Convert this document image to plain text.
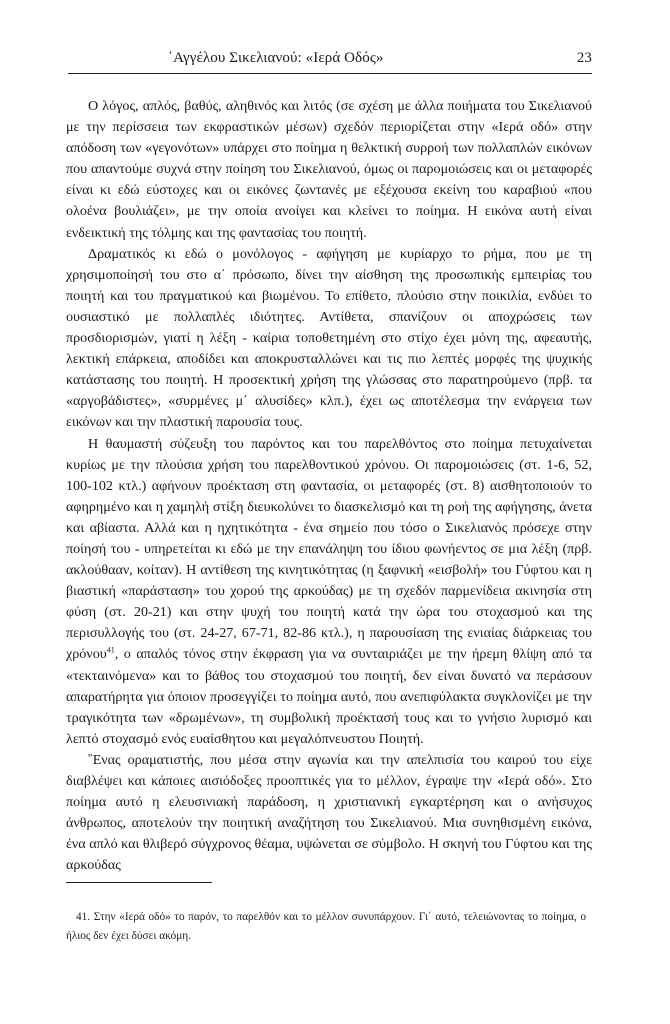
῾Αγγέλου Σικελιανού: «Ιερά Οδός»	23

Ο λόγος, απλός, βαθύς, αληθινός και λιτός (σε σχέση με άλλα ποιήματα του Σικελιανού με την περίσσεια των εκφραστικών μέσων) σχεδόν περιορίζεται στην «Ιερά οδό» στην απόδοση των «γεγονότων» υπάρχει στο ποίημα η θελκτική συρροή των πολλαπλών εικόνων που απαντούμε συχνά στην ποίηση του Σικελιανού, όμως οι παρομοιώσεις και οι μεταφορές είναι κι εδώ εύστοχες και οι εικόνες ζωντανές με εξέχουσα εκείνη του καραβιού «που ολοένα βουλιάζει», με την οποία ανοίγει και κλείνει το ποίημα. Η εικόνα αυτή είναι ενδεικτική της τόλμης και της φαντασίας του ποιητή.

Δραματικός κι εδώ ο μονόλογος - αφήγηση με κυρίαρχο το ρήμα, που με τη χρησιμοποίησή του στο α΄ πρόσωπο, δίνει την αίσθηση της προσωπικής εμπειρίας του ποιητή και του πραγματικού και βιωμένου. Το επίθετο, πλούσιο στην ποικιλία, ενδύει το ουσιαστικό με πολλαπλές ιδιότητες. Αντίθετα, σπανίζουν οι αποχρώσεις των προσδιορισμών, γιατί η λέξη - καίρια τοποθετημένη στο στίχο έχει μόνη της, αφεαυτής, λεκτική επάρκεια, αποδίδει και αποκρυσταλλώνει και τις πιο λεπτές μορφές της ψυχικής κατάστασης του ποιητή. Η προσεκτική χρήση της γλώσσας στο παρατηρούμενο (πρβ. τα «αργοβάδιστες», «συρμένες μ΄ αλυσίδες» κλπ.), έχει ως αποτέλεσμα την ενάργεια των εικόνων και την πλαστική παρουσία τους.

Η θαυμαστή σύζευξη του παρόντος και του παρελθόντος στο ποίημα πετυχαίνεται κυρίως με την πλούσια χρήση του παρελθοντικού χρόνου. Οι παρομοιώσεις (στ. 1-6, 52, 100-102 κτλ.) αφήνουν προέκταση στη φαντασία, οι μεταφορές (στ. 8) αισθητοποιούν το αφηρημένο και η χαμηλή στίξη διευκολύνει το διασκελισμό και τη ροή της αφήγησης, άνετα και αβίαστα. Αλλά και η ηχητικότητα - ένα σημείο που τόσο ο Σικελιανός πρόσεχε στην ποίησή του - υπηρετείται κι εδώ με την επανάληψη του ίδιου φωνήεντος σε μια λέξη (πρβ. ακλούθααν, κοίταν). Η αντίθεση της κινητικότητας (η ξαφνική «εισβολή» του Γύφτου και η βιαστική «παράσταση» του χορού της αρκούδας) με τη σχεδόν παρμενίδεια ακινησία στη φύση (στ. 20-21) και στην ψυχή του ποιητή κατά την ώρα του στοχασμού και της περισυλλογής του (στ. 24-27, 67-71, 82-86 κτλ.), η παρουσίαση της ενιαίας διάρκειας του χρόνου$^{41}$, ο απαλός τόνος στην έκφραση για να συνταιριάζει με την ήρεμη θλίψη από τα «τεκταινόμενα» και το βάθος του στοχασμού του ποιητή, δεν είναι δυνατό να περάσουν απαρατήρητα για όποιον προσεγγίζει το ποίημα αυτό, που ανεπιφύλακτα συγκλονίζει με την τραγικότητα των «δρωμένων», τη συμβολική προέκτασή τους και το γνήσιο λυρισμό και λεπτό στοχασμό ενός ευαίσθητου και μεγαλόπνευστου Ποιητή.

῞Ενας οραματιστής, που μέσα στην αγωνία και την απελπισία του καιρού του είχε διαβλέψει και κάποιες αισιόδοξες προοπτικές για το μέλλον, έγραψε την «Ιερά οδό». Στο ποίημα αυτό η ελευσινιακή παράδοση, η χριστιανική εγκαρτέρηση και ο ανήσυχος άνθρωπος, αποτελούν την ποιητική αναζήτηση του Σικελιανού. Μια συνηθισμένη εικόνα, ένα απλό και θλιβερό σύγχρονος θέαμα, υψώνεται σε σύμβολο. Η σκηνή του Γύφτου και της αρκούδας

41. Στην «Ιερά οδό» το παρόν, το παρελθόν και το μέλλον συνυπάρχουν. Γι΄ αυτό, τελειώνοντας το ποίημα, ο ήλιος δεν έχει δύσει ακόμη.
